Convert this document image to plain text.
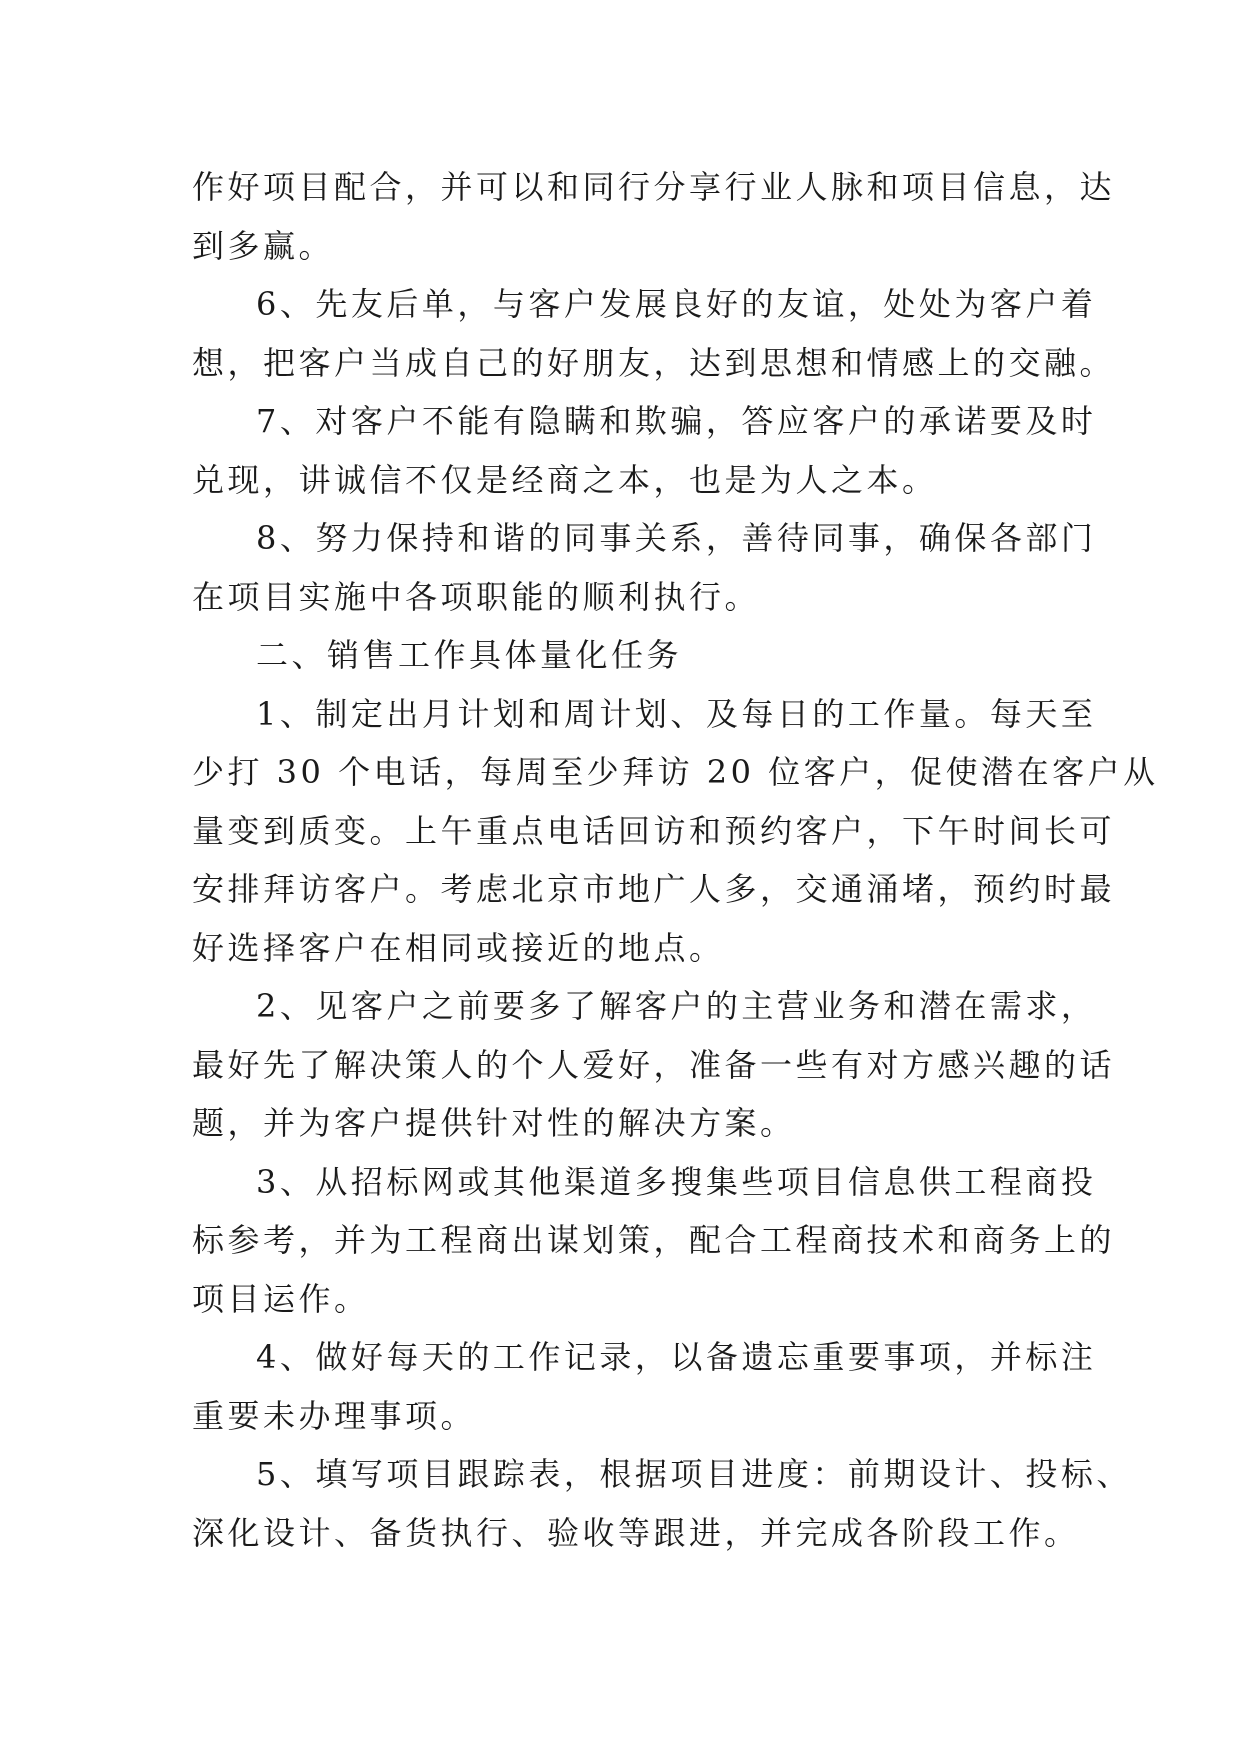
作好项目配合，并可以和同行分享行业人脉和项目信息，达
到多赢。
6、先友后单，与客户发展良好的友谊，处处为客户着
想，把客户当成自己的好朋友，达到思想和情感上的交融。
7、对客户不能有隐瞒和欺骗，答应客户的承诺要及时
兑现，讲诚信不仅是经商之本，也是为人之本。
8、努力保持和谐的同事关系，善待同事，确保各部门
在项目实施中各项职能的顺利执行。
二、销售工作具体量化任务
1、制定出月计划和周计划、及每日的工作量。每天至
少打 30 个电话，每周至少拜访 20 位客户，促使潜在客户从
量变到质变。上午重点电话回访和预约客户，下午时间长可
安排拜访客户。考虑北京市地广人多，交通涌堵，预约时最
好选择客户在相同或接近的地点。
2、见客户之前要多了解客户的主营业务和潜在需求，
最好先了解决策人的个人爱好，准备一些有对方感兴趣的话
题，并为客户提供针对性的解决方案。
3、从招标网或其他渠道多搜集些项目信息供工程商投
标参考，并为工程商出谋划策，配合工程商技术和商务上的
项目运作。
4、做好每天的工作记录，以备遗忘重要事项，并标注
重要未办理事项。
5、填写项目跟踪表，根据项目进度：前期设计、投标、
深化设计、备货执行、验收等跟进，并完成各阶段工作。
